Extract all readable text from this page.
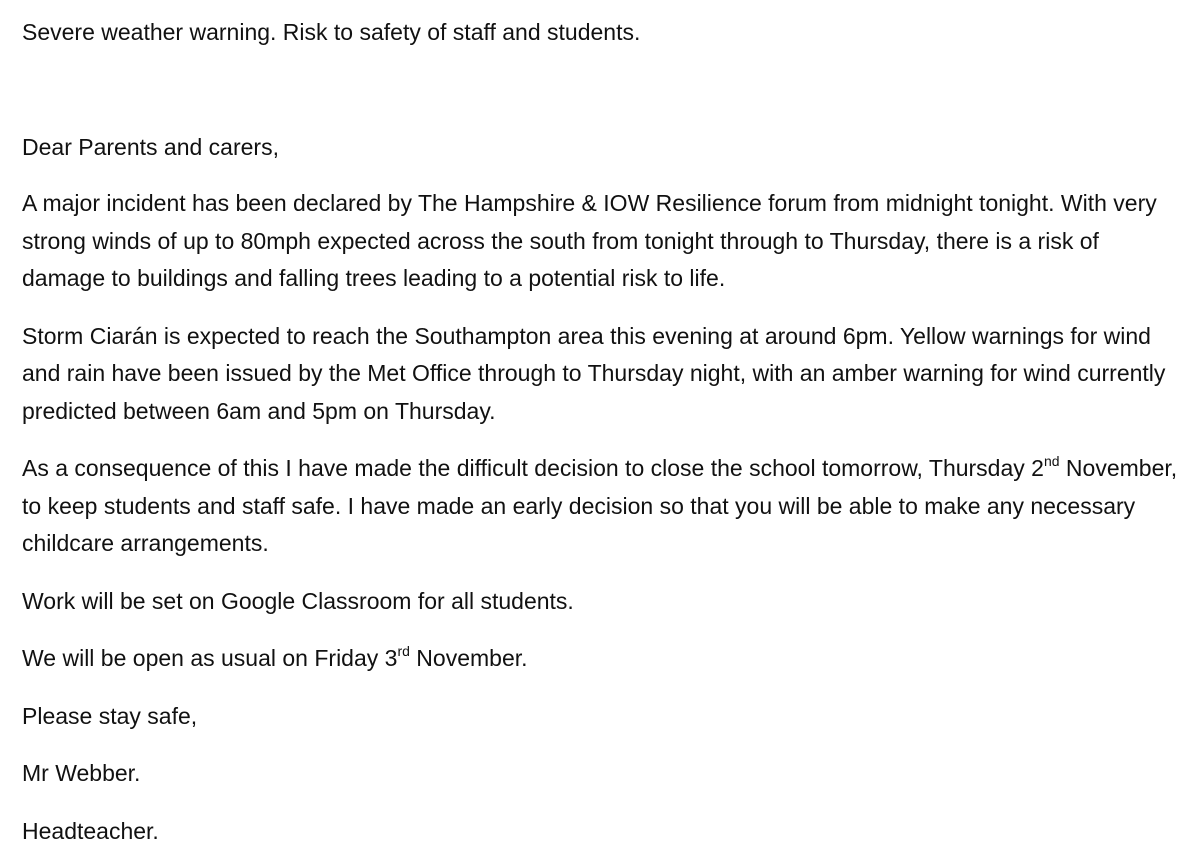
Severe weather warning. Risk to safety of staff and students.

Dear Parents and carers,

A major incident has been declared by The Hampshire & IOW Resilience forum from midnight tonight. With very strong winds of up to 80mph expected across the south from tonight through to Thursday, there is a risk of damage to buildings and falling trees leading to a potential risk to life.

Storm Ciarán is expected to reach the Southampton area this evening at around 6pm. Yellow warnings for wind and rain have been issued by the Met Office through to Thursday night, with an amber warning for wind currently predicted between 6am and 5pm on Thursday.

As a consequence of this I have made the difficult decision to close the school tomorrow, Thursday 2nd November, to keep students and staff safe. I have made an early decision so that you will be able to make any necessary childcare arrangements.

Work will be set on Google Classroom for all students.

We will be open as usual on Friday 3rd November.

Please stay safe,

Mr Webber.

Headteacher.
